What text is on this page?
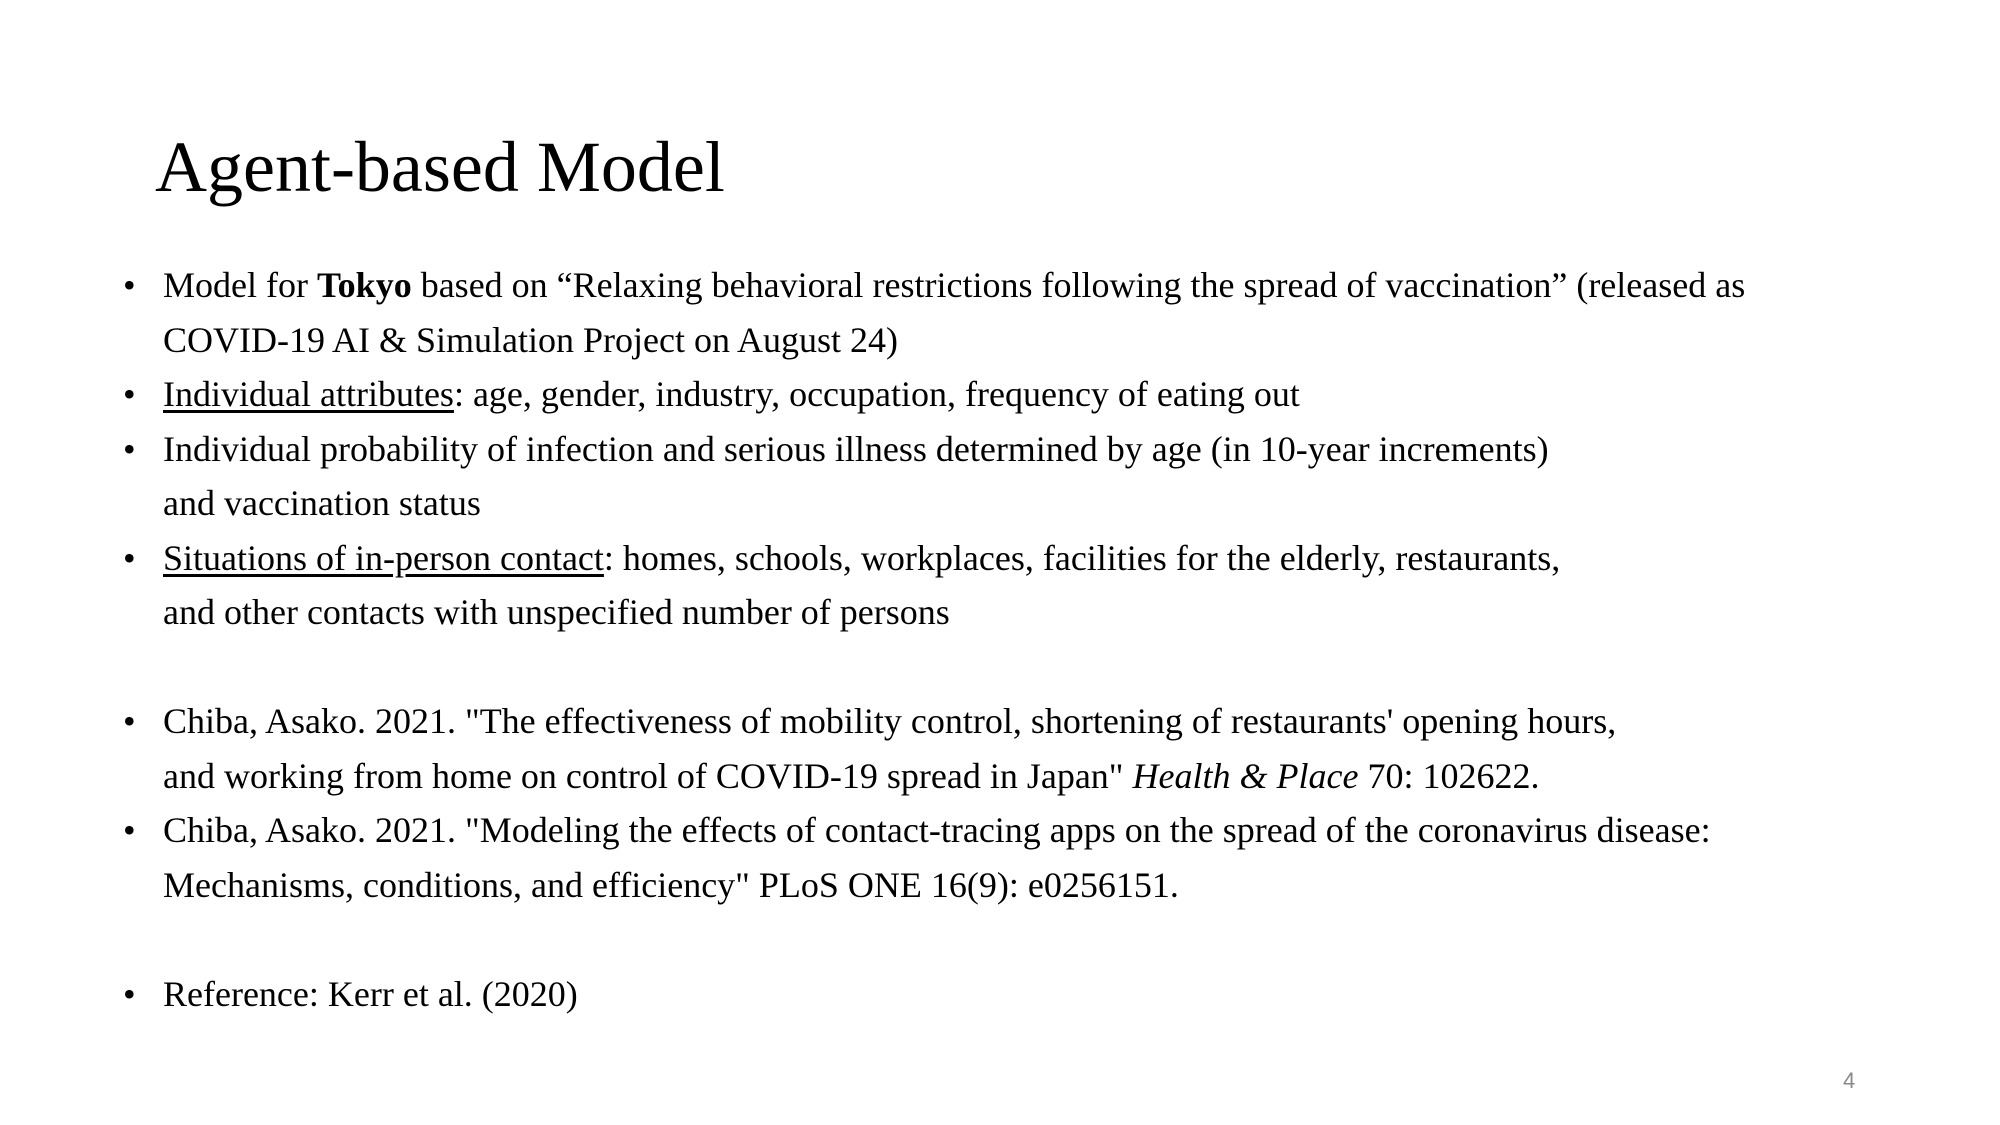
Agent-based Model
• Model for Tokyo based on “Relaxing behavioral restrictions following the spread of vaccination” (released as
COVID-19 AI & Simulation Project on August 24)
• Individual attributes: age, gender, industry, occupation, frequency of eating out
• Individual probability of infection and serious illness determined by age (in 10-year increments)
and vaccination status
• Situations of in-person contact: homes, schools, workplaces, facilities for the elderly, restaurants,
and other contacts with unspecified number of persons
• Chiba, Asako. 2021. "The effectiveness of mobility control, shortening of restaurants' opening hours,
and working from home on control of COVID-19 spread in Japan" Health & Place 70: 102622.
• Chiba, Asako. 2021. "Modeling the effects of contact-tracing apps on the spread of the coronavirus disease:
Mechanisms, conditions, and efficiency" PLoS ONE 16(9): e0256151.
• Reference: Kerr et al. (2020)
4
